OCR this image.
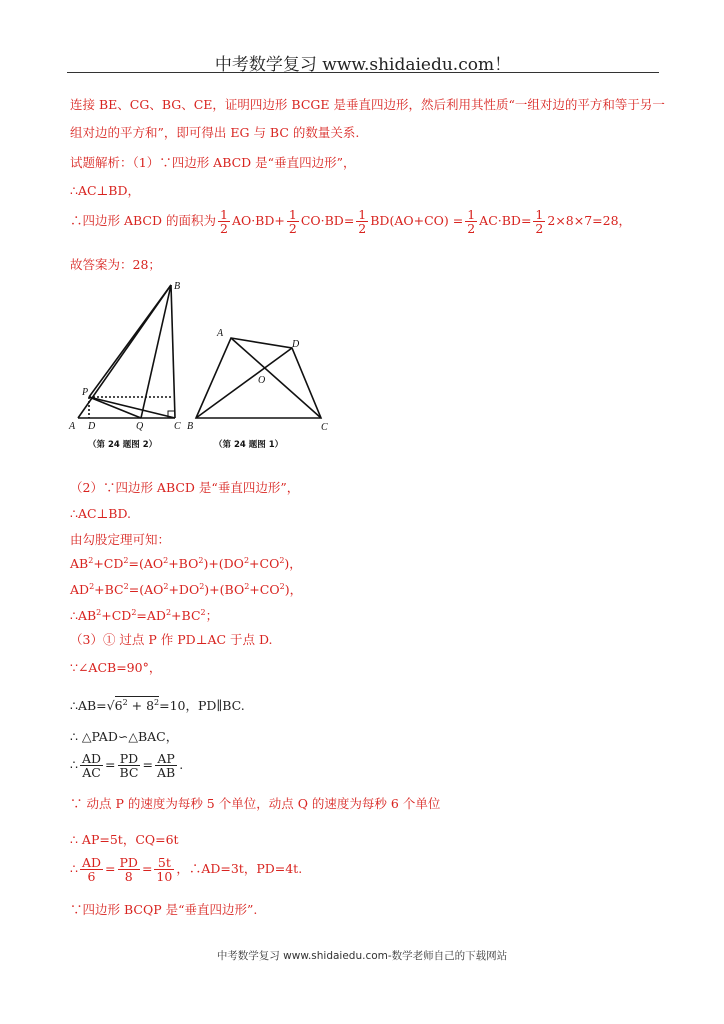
中考数学复习 www.shidaiedu.com！
连接 BE、CG、BG、CE，证明四边形 BCGE 是垂直四边形，然后利用其性质“一组对边的平方和等于另一
组对边的平方和”，即可得出 EG 与 BC 的数量关系.
试题解析：（1）∵四边形 ABCD 是“垂直四边形”，
∴AC⊥BD，
∴四边形 ABCD 的面积为 $\frac{1}{2} AO\cdot BD+ \frac{1}{2} CO\cdot BD= \frac{1}{2} BD(AO+CO) = \frac{1}{2} AC\cdot BD= \frac{1}{2} 2\times 8\times 7=28$，
故答案为：28；
B
P
A D	Q	C
（第 24 题图 2）
A
D
O
B	C
（第 24 题图 1）
（2）∵四边形 ABCD 是“垂直四边形”，
∴AC⊥BD.
由勾股定理可知：
$AB^2+CD^2=(AO^2+BO^2)+(DO^2+CO^2)$，
$AD^2+BC^2=(AO^2+DO^2)+(BO^2+CO^2)$，
$\therefore AB^2+CD^2=AD^2+BC^2$；
（3）① 过点 P 作 PD⊥AC 于点 D.
∵∠ACB=90°，
$\therefore AB=√6^2 + 8^2=10$，PD∥BC.
∴ △PAD∽△BAC，
∴ $\frac{AD}{AC} = \frac{PD}{BC} = \frac{AP}{AB}$ .
∵ 动点 P 的速度为每秒 5 个单位，动点 Q 的速度为每秒 6 个单位
∴ AP=5t，CQ=6t
∴ $\frac{AD}{6} = \frac{PD}{8} = \frac{5t}{10}$ ，∴AD=3t，PD=4t.
∵四边形 BCQP 是“垂直四边形”.
中考数学复习 www.shidaiedu.com-数学老师自己的下载网站
